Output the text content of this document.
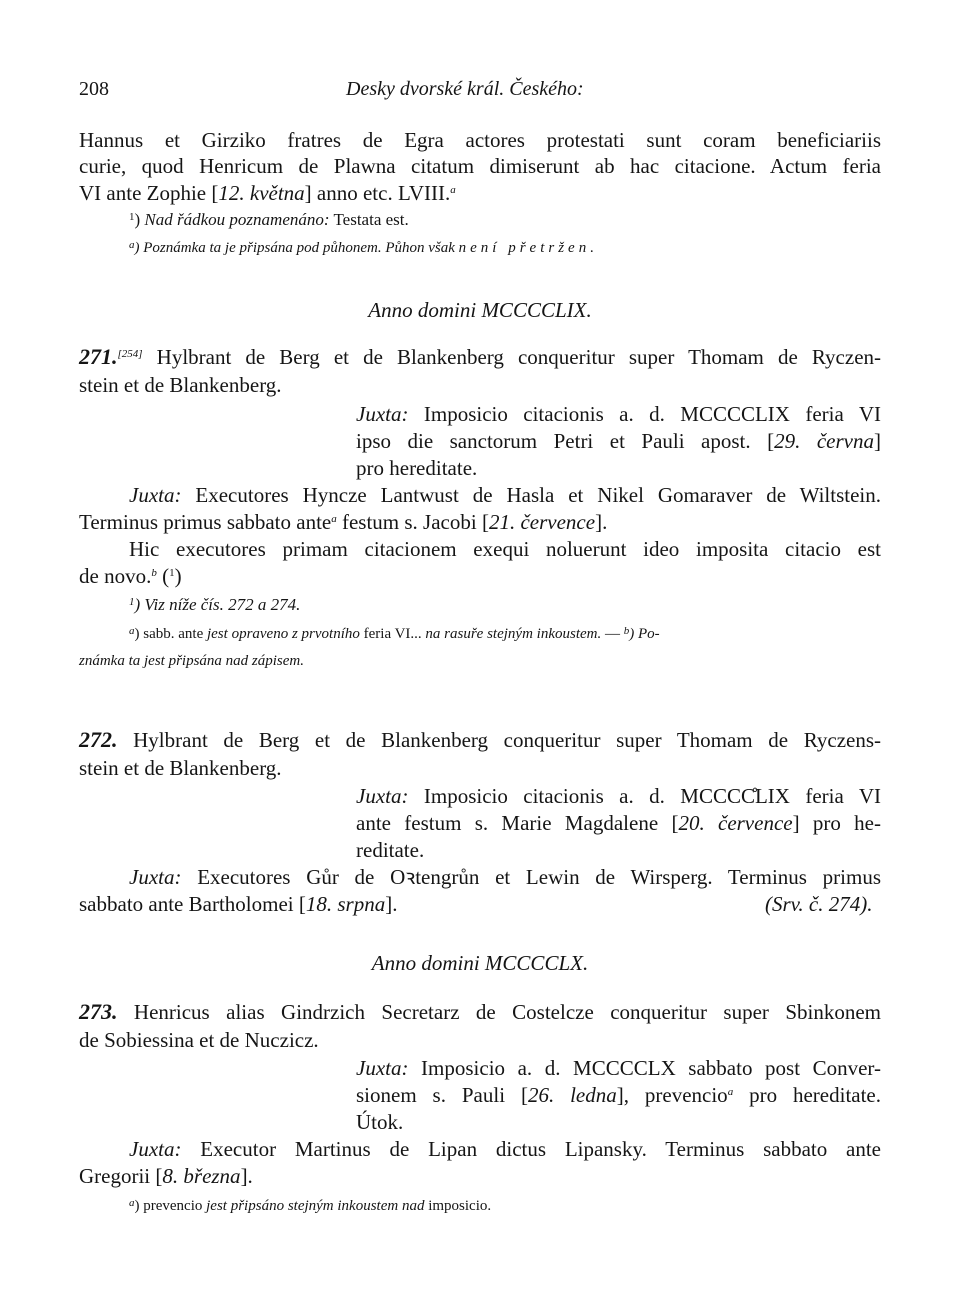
208	Desky dvorské král. Českého:
Hannus et Girziko fratres de Egra actores protestati sunt coram beneficiariis
curie, quod Henricum de Plawna citatum dimiserunt ab hac citacione. Actum feria
VI ante Zophie [12. května] anno etc. LVIII.$^a$
$^1$) Nad řádkou poznamenáno: Testata est.
$^a$) Poznámka ta je připsána pod půhonem. Půhon však není přetržen.
Anno domini MCCCCLIX.
271.[254] Hylbrant de Berg et de Blankenberg conqueritur super Thomam de Ryczen-
stein et de Blankenberg.
Juxta: Imposicio citacionis a. d. MCCCCLIX feria VI
ipso die sanctorum Petri et Pauli apost. [29. června]
pro hereditate.
Juxta: Executores Hyncze Lantwust de Hasla et Nikel Gomaraver de Wiltstein.
Terminus primus sabbato ante$^a$ festum s. Jacobi [21. července].
Hic executores primam citacionem exequi noluerunt ideo imposita citacio est
de novo.$^b$ ($^1$)
$^1$) Viz níže čís. 272 a 274.
$^a$) sabb. ante jest opraveno z prvotního feria VI... na rasuře stejným inkoustem. — $^b$) Po-
známka ta jest připsána nad zápisem.
272. Hylbrant de Berg et de Blankenberg conqueritur super Thomam de Ryczens-
stein et de Blankenberg.
Juxta: Imposicio citacionis a. d. MCCCC̊LIX feria VI
ante festum s. Marie Magdalene [20. července] pro he-
reditate.
Juxta: Executores Gůr de Oꝛtengrůn et Lewin de Wirsperg. Terminus primus
sabbato ante Bartholomei [18. srpna].	(Srv. č. 274).
Anno domini MCCCCLX.
273. Henricus alias Gindrzich Secretarz de Costelcze conqueritur super Sbinkonem
de Sobiessina et de Nuczicz.
Juxta: Imposicio a. d. MCCCCLX sabbato post Conver-
sionem s. Pauli [26. ledna], prevencio$^a$ pro hereditate.
Útok.
Juxta: Executor Martinus de Lipan dictus Lipansky. Terminus sabbato ante
Gregorii [8. března].
$^a$) prevencio jest připsáno stejným inkoustem nad imposicio.
